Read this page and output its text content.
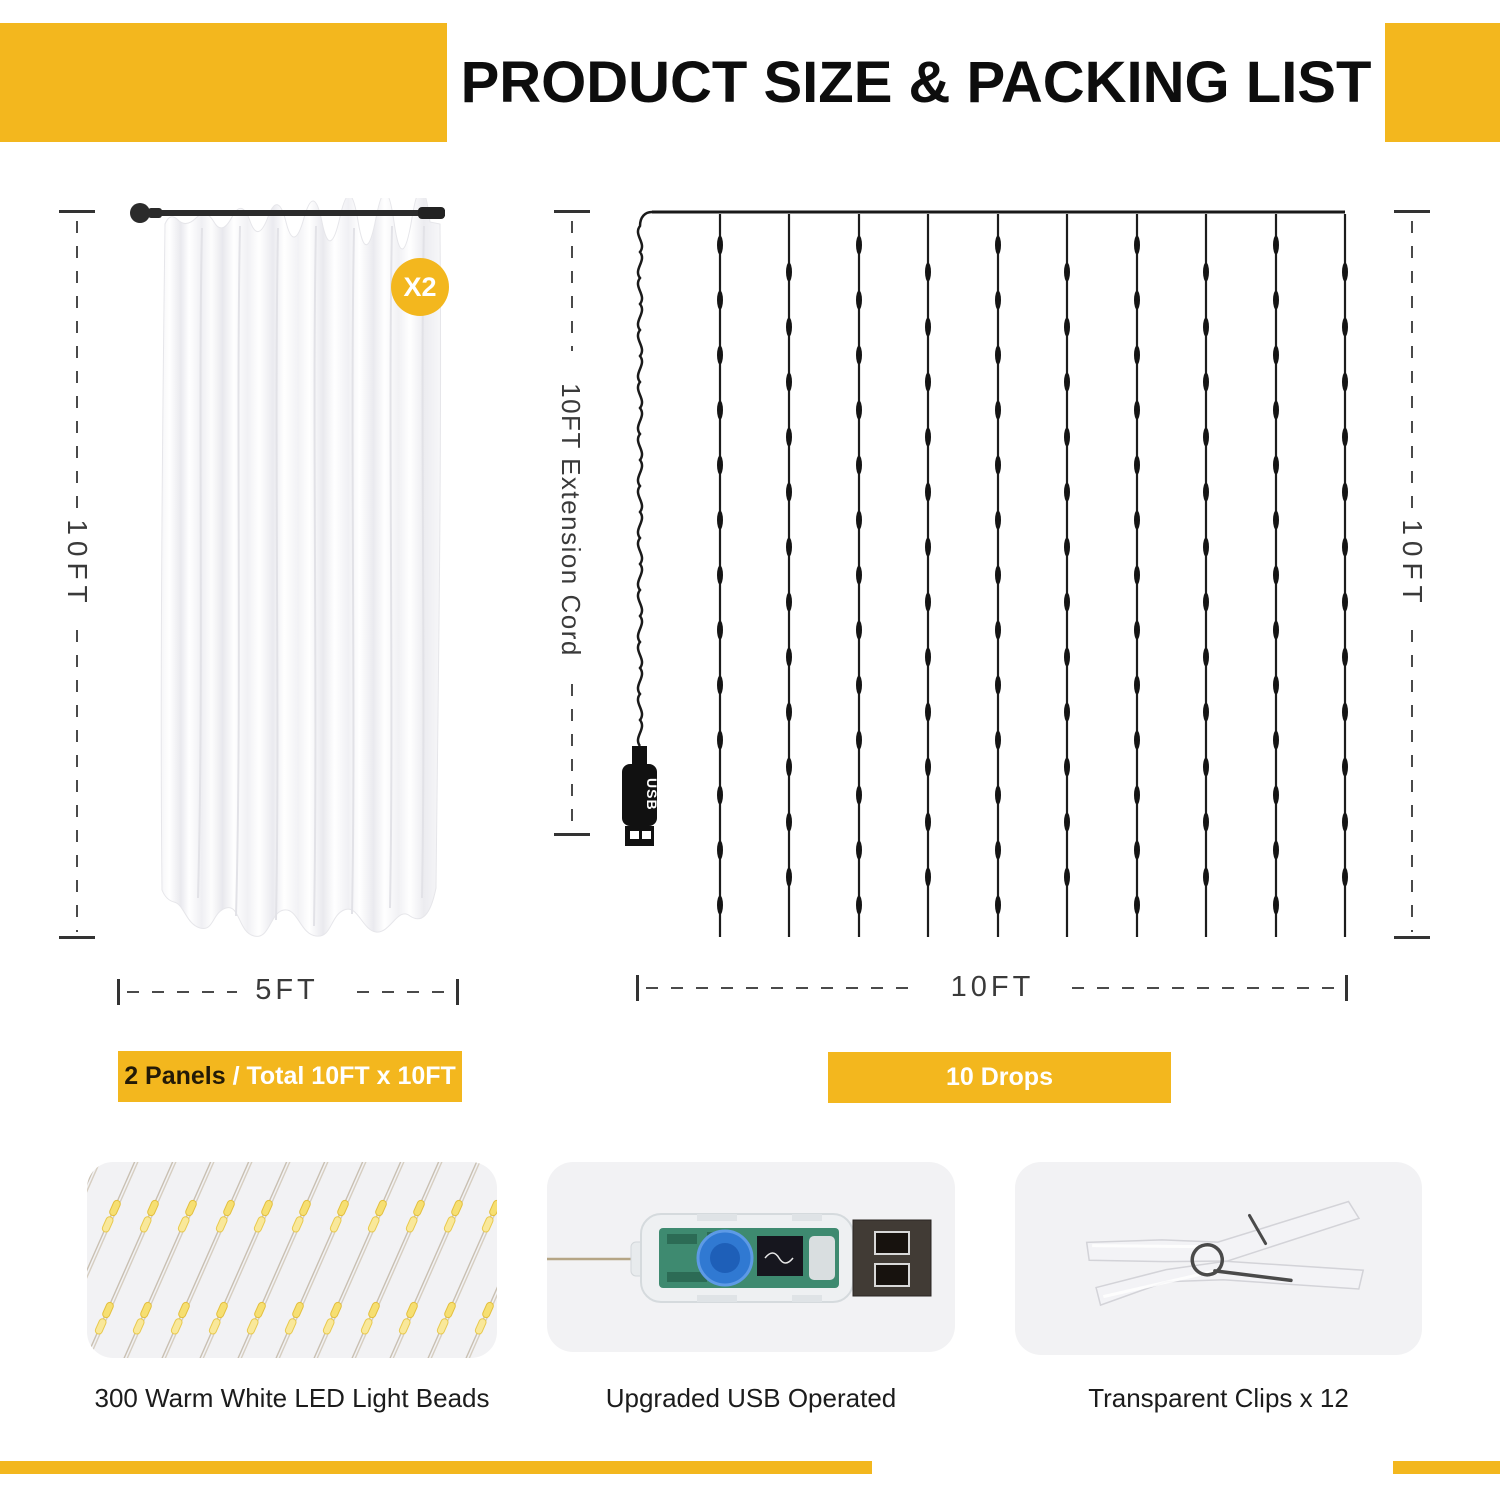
PRODUCT SIZE & PACKING LIST
10FT
X2
5FT
2 Panels / Total 10FT x 10FT
10FT Extension Cord
USB
10FT
10FT
10 Drops
300 Warm White LED Light Beads	Upgraded USB Operated	Transparent Clips x 12
